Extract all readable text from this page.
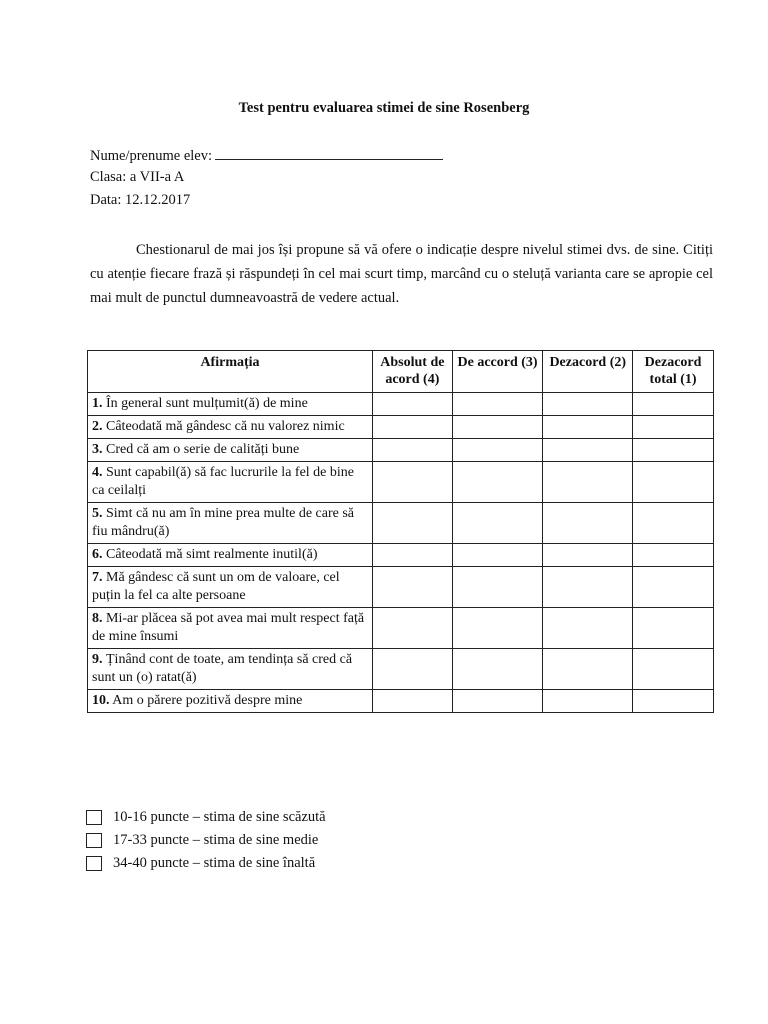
Test pentru evaluarea stimei de sine Rosenberg
Nume/prenume elev:
Clasa: a VII-a A
Data: 12.12.2017
Chestionarul de mai jos își propune să vă ofere o indicație despre nivelul stimei dvs. de sine. Citiți cu atenție fiecare frază și răspundeți în cel mai scurt timp, marcând cu o steluță varianta care se apropie cel mai mult de punctul dumneavoastră de vedere actual.
Afirmația	Absolut de acord (4)	De accord (3)	Dezacord (2)	Dezacord total (1)
1. În general sunt mulțumit(ă) de mine				
2. Câteodată mă gândesc că nu valorez nimic				
3. Cred că am o serie de calități bune				
4. Sunt capabil(ă) să fac lucrurile la fel de bine ca ceilalți				
5. Simt că nu am în mine prea multe de care să fiu mândru(ă)				
6. Câteodată mă simt realmente inutil(ă)				
7. Mă gândesc că sunt un om de valoare, cel puțin la fel ca alte persoane				
8. Mi-ar plăcea să pot avea mai mult respect față de mine însumi				
9. Ținând cont de toate, am tendința să cred că sunt un (o) ratat(ă)				
10. Am o părere pozitivă despre mine				
10-16 puncte – stima de sine scăzută
17-33 puncte – stima de sine medie
34-40 puncte – stima de sine înaltă
